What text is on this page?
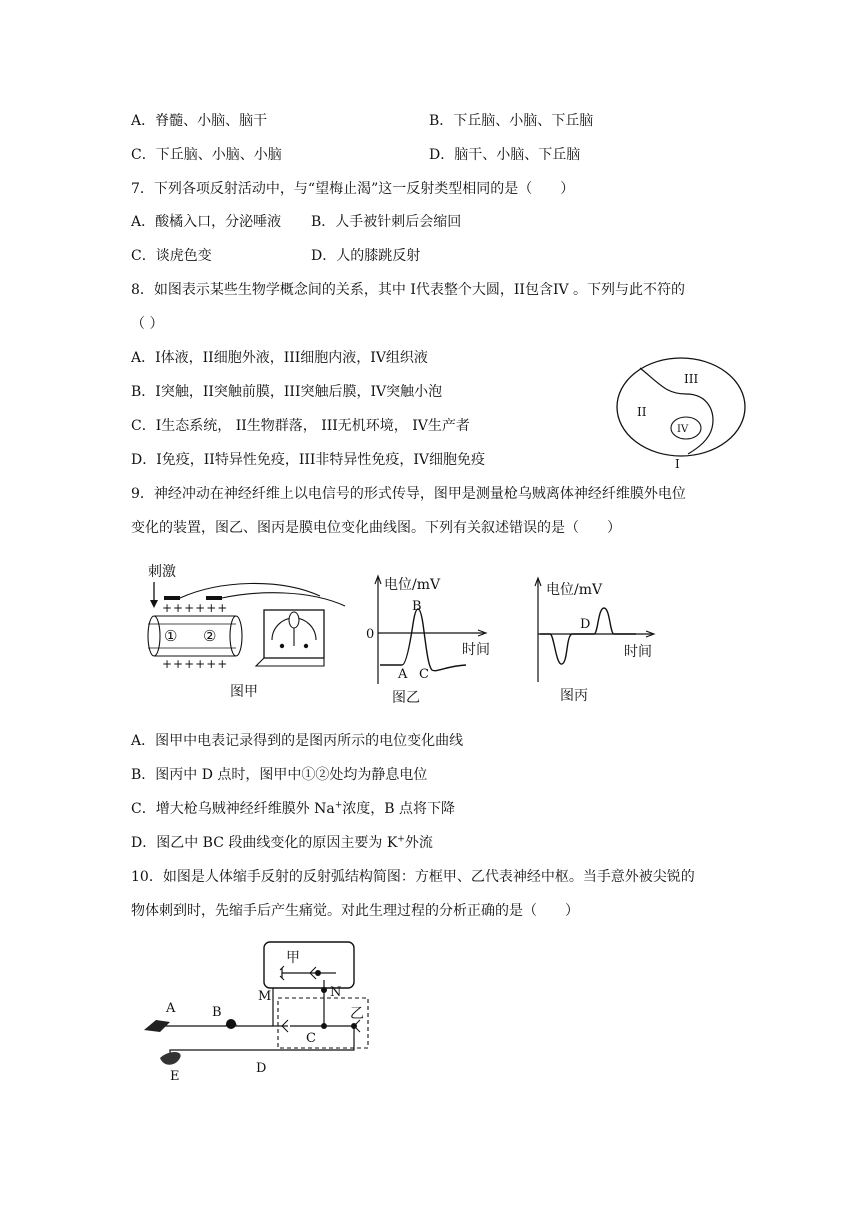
A．脊髓、小脑、脑干	B．下丘脑、小脑、下丘脑
C．下丘脑、小脑、小脑	D．脑干、小脑、下丘脑
7．下列各项反射活动中，与“望梅止渴”这一反射类型相同的是（　　）
A．酸橘入口，分泌唾液 B．人手被针刺后会缩回
C．谈虎色变	D．人的膝跳反射
8．如图表示某些生物学概念间的关系，其中 I代表整个大圆，II包含IV 。下列与此不符的
（ ）
A．I体液，II细胞外液，III细胞内液，IV组织液
B．I突触，II突触前膜，III突触后膜，IV突触小泡
C．I生态系统， II生物群落， III无机环境， IV生产者
D．I免疫，II特异性免疫，III非特异性免疫，IV细胞免疫
III
II
IV
I
9．神经冲动在神经纤维上以电信号的形式传导，图甲是测量枪乌贼离体神经纤维膜外电位
变化的装置，图乙、图丙是膜电位变化曲线图。下列有关叙述错误的是（　　）
刺激
++++++
① ②
++++++
图甲
电位/mV
0
时间
B
A C
图乙
电位/mV
时间
D
图丙
A．图甲中电表记录得到的是图丙所示的电位变化曲线
B．图丙中 D 点时，图甲中①②处均为静息电位
C．增大枪乌贼神经纤维膜外 Na+浓度，B 点将下降
D．图乙中 BC 段曲线变化的原因主要为 K+外流
10．如图是人体缩手反射的反射弧结构简图：方框甲、乙代表神经中枢。当手意外被尖锐的
物体刺到时，先缩手后产生痛觉。对此生理过程的分析正确的是（　　）
甲
乙
M	N
A	B
C
E
D
